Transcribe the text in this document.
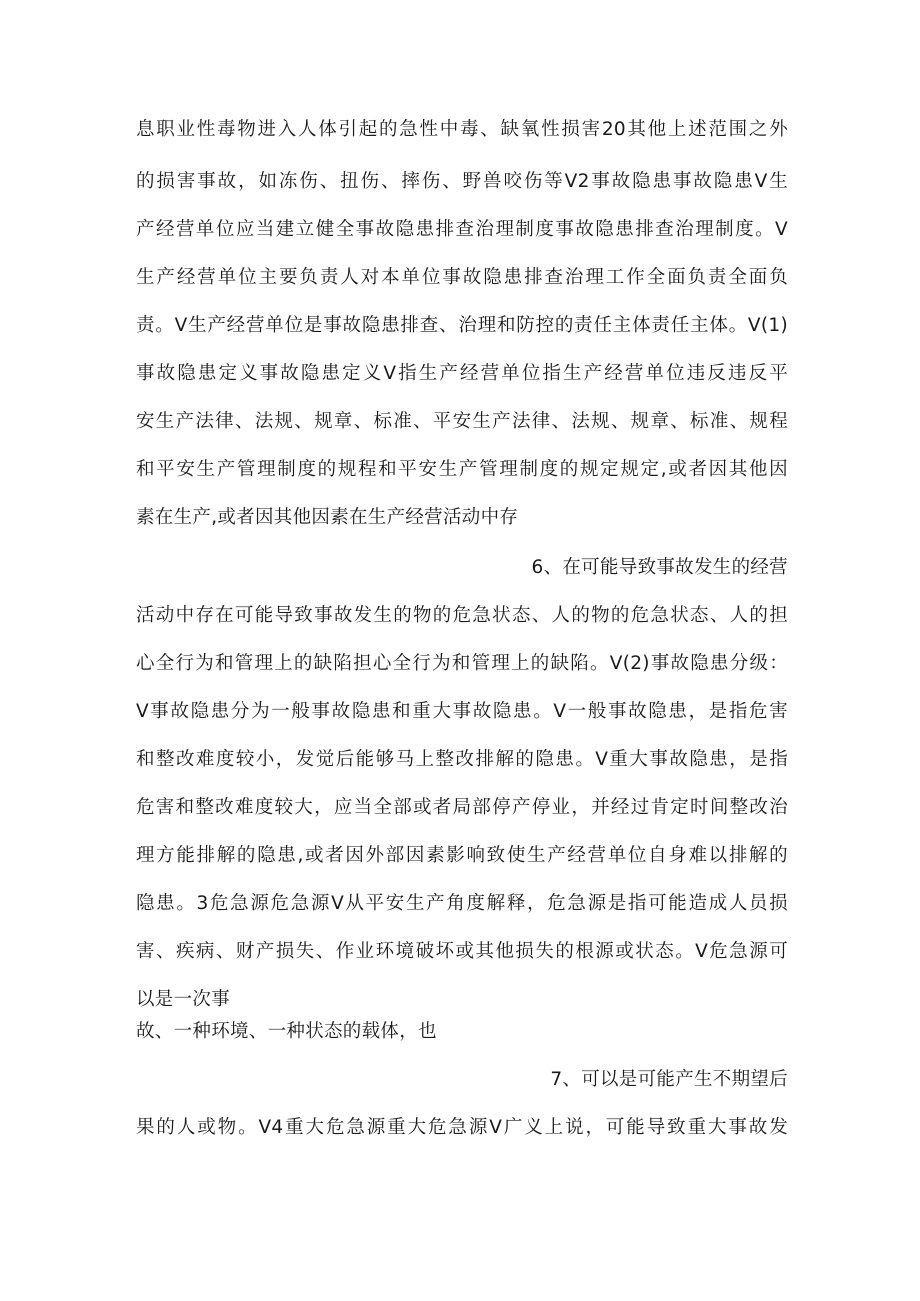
息职业性毒物进入人体引起的急性中毒、缺氧性损害20其他上述范围之外

的损害事故，如冻伤、扭伤、摔伤、野兽咬伤等V2事故隐患事故隐患V生

产经营单位应当建立健全事故隐患排查治理制度事故隐患排查治理制度。V

生产经营单位主要负责人对本单位事故隐患排查治理工作全面负责全面负

责。V生产经营单位是事故隐患排查、治理和防控的责任主体责任主体。V(1)

事故隐患定义事故隐患定义V指生产经营单位指生产经营单位违反违反平

安生产法律、法规、规章、标准、平安生产法律、法规、规章、标准、规程

和平安生产管理制度的规程和平安生产管理制度的规定规定,或者因其他因

素在生产,或者因其他因素在生产经营活动中存

6、在可能导致事故发生的经营

活动中存在可能导致事故发生的物的危急状态、人的物的危急状态、人的担

心全行为和管理上的缺陷担心全行为和管理上的缺陷。V(2)事故隐患分级：

V事故隐患分为一般事故隐患和重大事故隐患。V一般事故隐患，是指危害

和整改难度较小，发觉后能够马上整改排解的隐患。V重大事故隐患，是指

危害和整改难度较大，应当全部或者局部停产停业，并经过肯定时间整改治

理方能排解的隐患,或者因外部因素影响致使生产经营单位自身难以排解的

隐患。3危急源危急源V从平安生产角度解释，危急源是指可能造成人员损

害、疾病、财产损失、作业环境破坏或其他损失的根源或状态。V危急源可

以是一次事

故、一种环境、一种状态的载体，也

7、可以是可能产生不期望后

果的人或物。V4重大危急源重大危急源V广义上说，可能导致重大事故发
